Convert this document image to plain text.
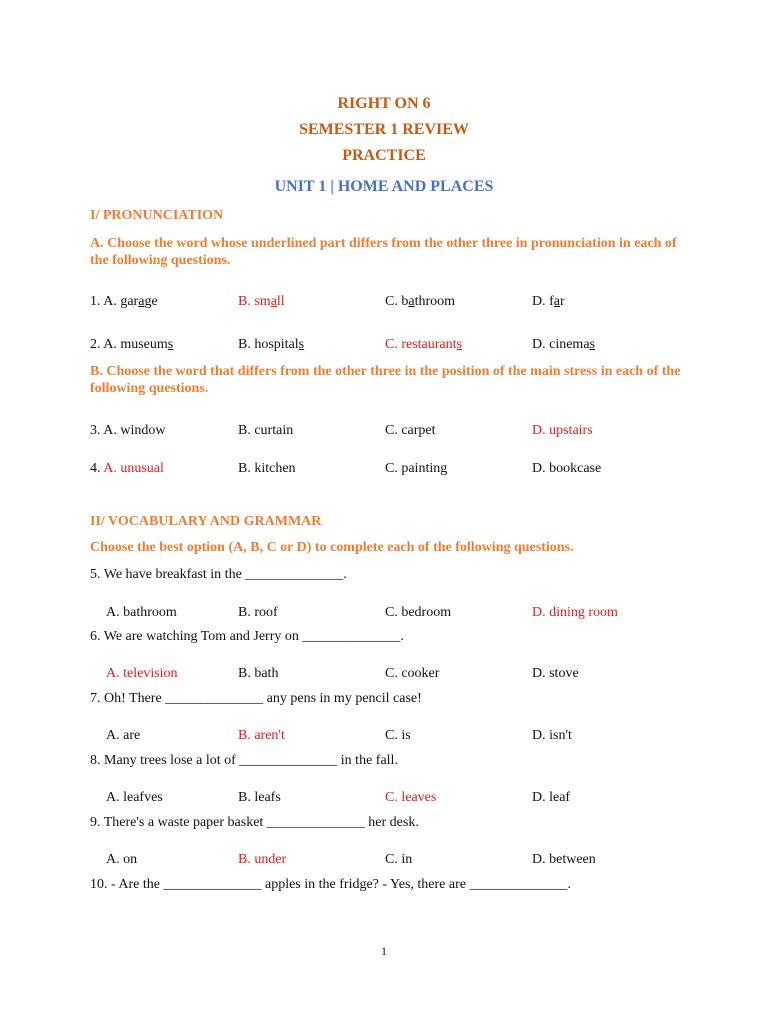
RIGHT ON 6
SEMESTER 1 REVIEW
PRACTICE
UNIT 1 | HOME AND PLACES
I/ PRONUNCIATION
A. Choose the word whose underlined part differs from the other three in pronunciation in each of the following questions.
1. A. garage	B. small	C. bathroom	D. far
2. A. museums	B. hospitals	C. restaurants	D. cinemas
B. Choose the word that differs from the other three in the position of the main stress in each of the following questions.
3. A. window	B. curtain	C. carpet	D. upstairs
4. A. unusual	B. kitchen	C. painting	D. bookcase
II/ VOCABULARY AND GRAMMAR
Choose the best option (A, B, C or D) to complete each of the following questions.
5. We have breakfast in the ______________.
A. bathroom	B. roof	C. bedroom	D. dining room
6. We are watching Tom and Jerry on ______________.
A. television	B. bath	C. cooker	D. stove
7. Oh! There ______________ any pens in my pencil case!
A. are	B. aren't	C. is	D. isn't
8. Many trees lose a lot of ______________ in the fall.
A. leafves	B. leafs	C. leaves	D. leaf
9. There's a waste paper basket ______________ her desk.
A. on	B. under	C. in	D. between
10. - Are the ______________ apples in the fridge? - Yes, there are ______________.
1
